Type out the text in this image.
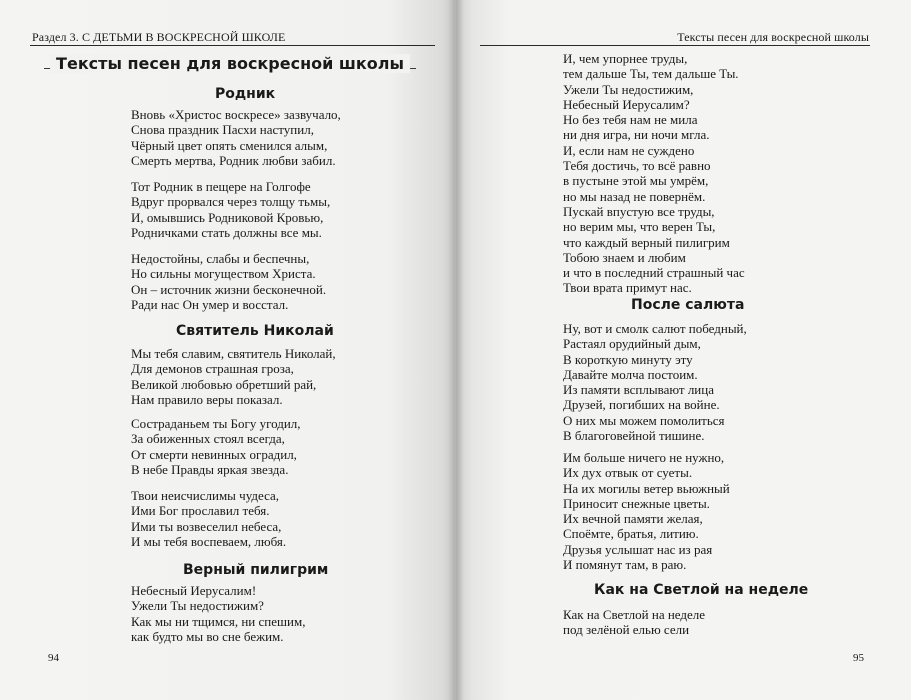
Раздел 3. С ДЕТЬМИ В ВОСКРЕСНОЙ ШКОЛЕ
Тексты песен для воскресной школы
Родник
Вновь «Христос воскресе» зазвучало,
Снова праздник Пасхи наступил,
Чёрный цвет опять сменился алым,
Смерть мертва, Родник любви забил.
Тот Родник в пещере на Голгофе
Вдруг прорвался через толщу тьмы,
И, омывшись Родниковой Кровью,
Родничками стать должны все мы.
Недостойны, слабы и беспечны,
Но сильны могуществом Христа.
Он – источник жизни бесконечной.
Ради нас Он умер и восстал.
Святитель Николай
Мы тебя славим, святитель Николай,
Для демонов страшная гроза,
Великой любовью обретший рай,
Нам правило веры показал.
Состраданьем ты Богу угодил,
За обиженных стоял всегда,
От смерти невинных оградил,
В небе Правды яркая звезда.
Твои неисчислимы чудеса,
Ими Бог прославил тебя.
Ими ты возвеселил небеса,
И мы тебя воспеваем, любя.
Верный пилигрим
Небесный Иерусалим!
Ужели Ты недостижим?
Как мы ни тщимся, ни спешим,
как будто мы во сне бежим.
94
Тексты песен для воскресной школы
И, чем упорнее труды,
тем дальше Ты, тем дальше Ты.
Ужели Ты недостижим,
Небесный Иерусалим?
Но без тебя нам не мила
ни дня игра, ни ночи мгла.
И, если нам не суждено
Тебя достичь, то всё равно
в пустыне этой мы умрём,
но мы назад не повернём.
Пускай впустую все труды,
но верим мы, что верен Ты,
что каждый верный пилигрим
Тобою знаем и любим
и что в последний страшный час
Твои врата примут нас.
После салюта
Ну, вот и смолк салют победный,
Растаял орудийный дым,
В короткую минуту эту
Давайте молча постоим.
Из памяти всплывают лица
Друзей, погибших на войне.
О них мы можем помолиться
В благоговейной тишине.
Им больше ничего не нужно,
Их дух отвык от суеты.
На их могилы ветер вьюжный
Приносит снежные цветы.
Их вечной памяти желая,
Споёмте, братья, литию.
Друзья услышат нас из рая
И помянут там, в раю.
Как на Светлой на неделе
Как на Светлой на неделе
под зелёной елью сели
95
